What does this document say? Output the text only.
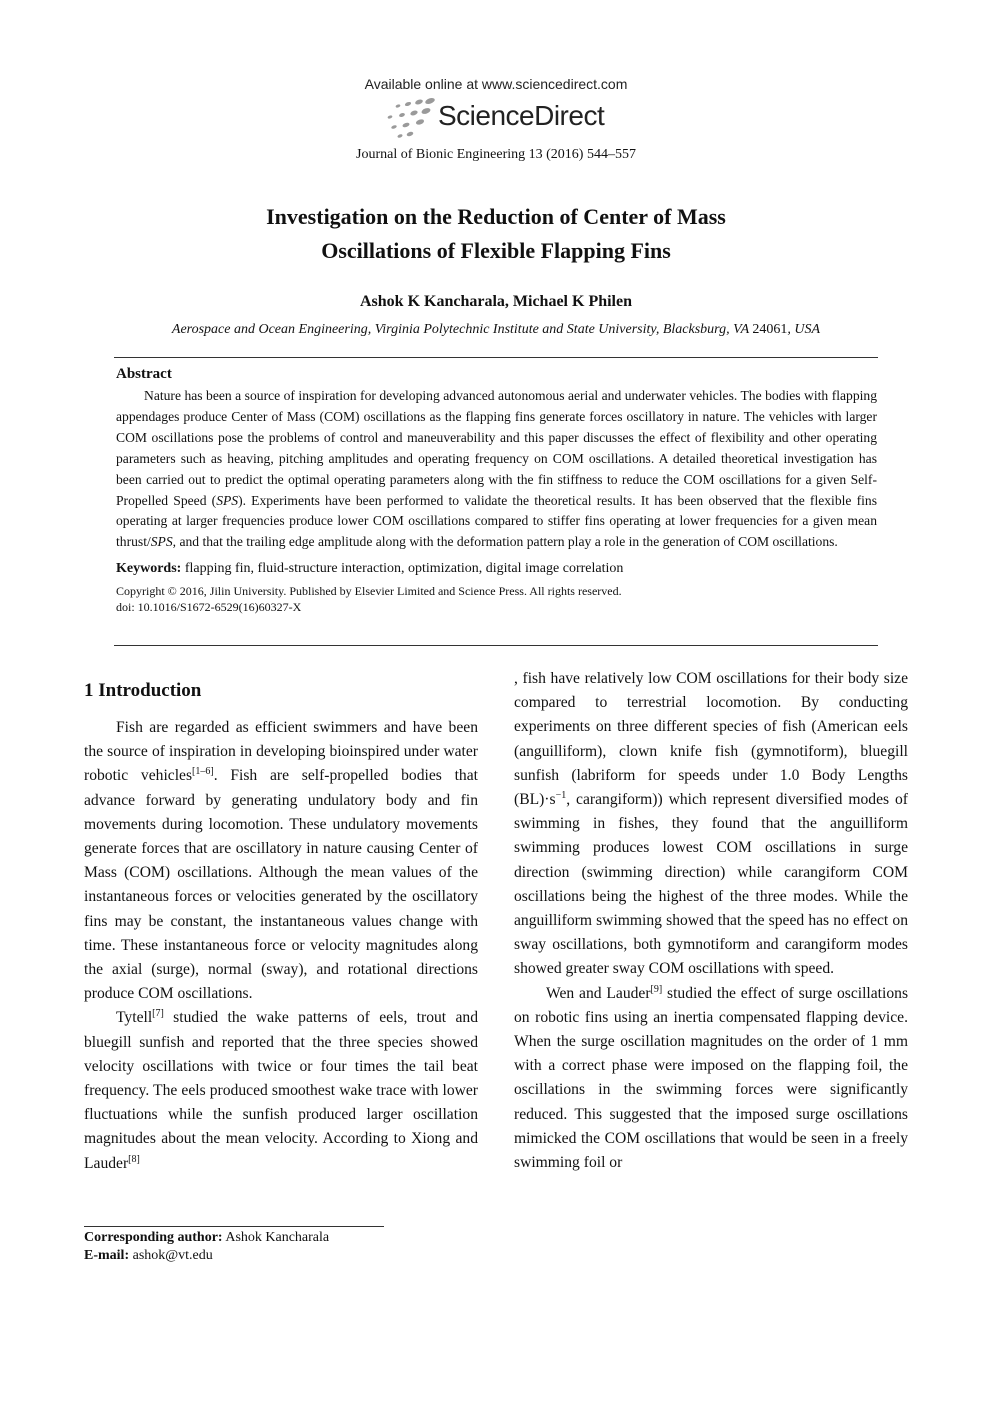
Available online at www.sciencedirect.com
ScienceDirect
Journal of Bionic Engineering 13 (2016) 544–557
Investigation on the Reduction of Center of Mass
Oscillations of Flexible Flapping Fins
Ashok K Kancharala, Michael K Philen
Aerospace and Ocean Engineering, Virginia Polytechnic Institute and State University, Blacksburg, VA 24061, USA
Abstract

Nature has been a source of inspiration for developing advanced autonomous aerial and underwater vehicles. The bodies with flapping appendages produce Center of Mass (COM) oscillations as the flapping fins generate forces oscillatory in nature. The vehicles with larger COM oscillations pose the problems of control and maneuverability and this paper discusses the effect of flexibility and other operating parameters such as heaving, pitching amplitudes and operating frequency on COM oscillations. A detailed theoretical investigation has been carried out to predict the optimal operating parameters along with the fin stiffness to reduce the COM oscillations for a given Self-Propelled Speed (SPS). Experiments have been performed to validate the theoretical results. It has been observed that the flexible fins operating at larger frequencies produce lower COM oscillations compared to stiffer fins operating at lower frequencies for a given mean thrust/SPS, and that the trailing edge amplitude along with the deformation pattern play a role in the generation of COM oscillations.

Keywords: flapping fin, fluid-structure interaction, optimization, digital image correlation
Copyright © 2016, Jilin University. Published by Elsevier Limited and Science Press. All rights reserved.
doi: 10.1016/S1672-6529(16)60327-X
1 Introduction

Fish are regarded as efficient swimmers and have been the source of inspiration in developing bioinspired under water robotic vehicles[1–6]. Fish are self-propelled bodies that advance forward by generating undulatory body and fin movements during locomotion. These undulatory movements generate forces that are oscillatory in nature causing Center of Mass (COM) oscillations. Although the mean values of the instantaneous forces or velocities generated by the oscillatory fins may be constant, the instantaneous values change with time. These instantaneous force or velocity magnitudes along the axial (surge), normal (sway), and rotational directions produce COM oscillations.

Tytell[7] studied the wake patterns of eels, trout and bluegill sunfish and reported that the three species showed velocity oscillations with twice or four times the tail beat frequency. The eels produced smoothest wake trace with lower fluctuations while the sunfish produced larger oscillation magnitudes about the mean velocity. According to Xiong and Lauder[8]

, fish have relatively low COM oscillations for their body size compared to terrestrial locomotion. By conducting experiments on three different species of fish (American eels (anguilliform), clown knife fish (gymnotiform), bluegill sunfish (labriform for speeds under 1.0 Body Lengths $(BL)\cdot s^{-1}$, carangiform)) which represent diversified modes of swimming in fishes, they found that the anguilliform swimming produces lowest COM oscillations in surge direction (swimming direction) while carangiform COM oscillations being the highest of the three modes. While the anguilliform swimming showed that the speed has no effect on sway oscillations, both gymnotiform and carangiform modes showed greater sway COM oscillations with speed.

Wen and Lauder[9] studied the effect of surge oscillations on robotic fins using an inertia compensated flapping device. When the surge oscillation magnitudes on the order of 1 mm with a correct phase were imposed on the flapping foil, the oscillations in the swimming forces were significantly reduced. This suggested that the imposed surge oscillations mimicked the COM oscillations that would be seen in a freely swimming foil or

Corresponding author: Ashok Kancharala
E-mail: ashok@vt.edu
